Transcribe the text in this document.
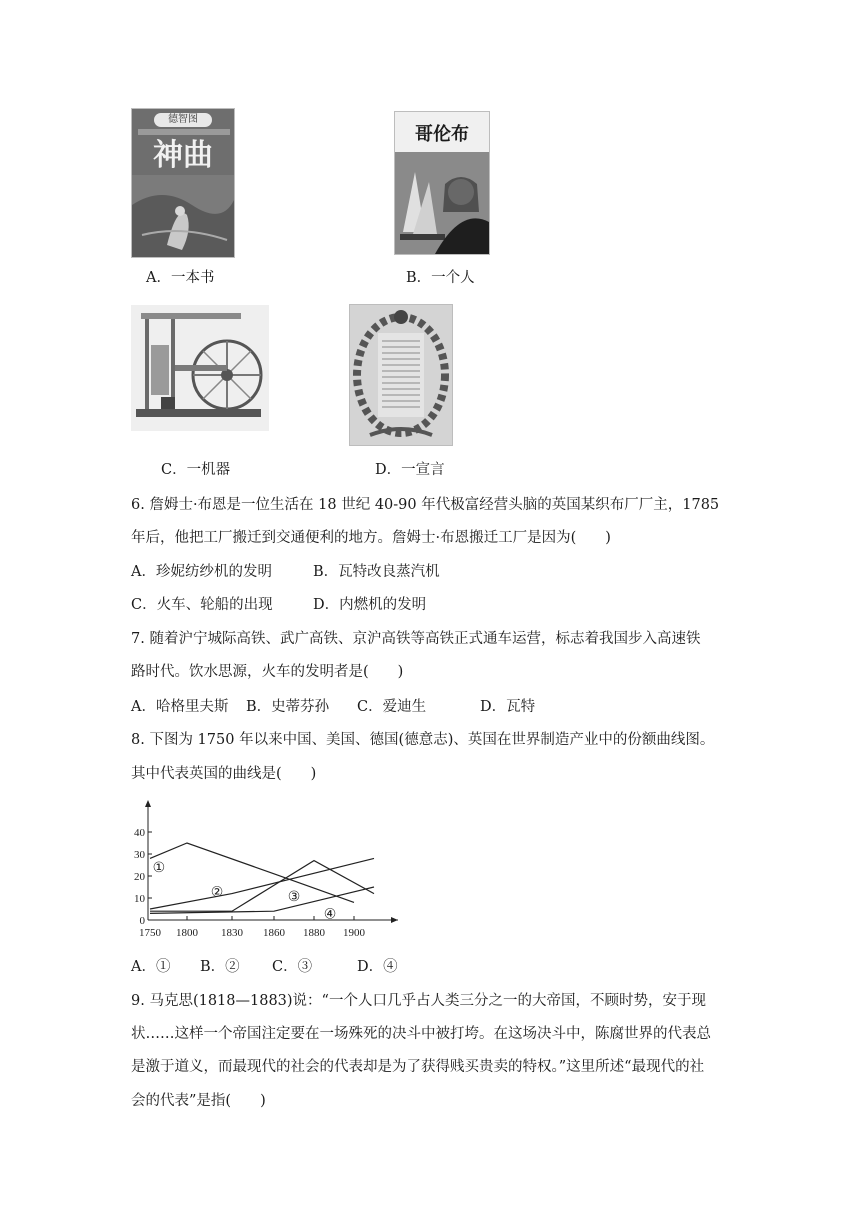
德智图
神曲
哥伦布
A．一本书	B．一个人
C．一机器	D．一宣言
6. 詹姆士·布恩是一位生活在 18 世纪 40-90 年代极富经营头脑的英国某织布厂厂主，1785
年后，他把工厂搬迁到交通便利的地方。詹姆士·布恩搬迁工厂是因为(　　)
A．珍妮纺纱机的发明	B．瓦特改良蒸汽机
C．火车、轮船的出现	D．内燃机的发明
7. 随着沪宁城际高铁、武广高铁、京沪高铁等高铁正式通车运营，标志着我国步入高速铁
路时代。饮水思源，火车的发明者是(　　)
A．哈格里夫斯 B．史蒂芬孙 C．爱迪生	D．瓦特
8. 下图为 1750 年以来中国、美国、德国(德意志)、英国在世界制造产业中的份额曲线图。
其中代表英国的曲线是(　　)
0
10
20
30
40
1750 1800 1830 1860 1880 1900
①
②	③
④
A．① B．② C．③	D．④
9. 马克思(1818—1883)说：“一个人口几乎占人类三分之一的大帝国，不顾时势，安于现
状……这样一个帝国注定要在一场殊死的决斗中被打垮。在这场决斗中，陈腐世界的代表总
是激于道义，而最现代的社会的代表却是为了获得贱买贵卖的特权。”这里所述“最现代的社
会的代表”是指(　　)
